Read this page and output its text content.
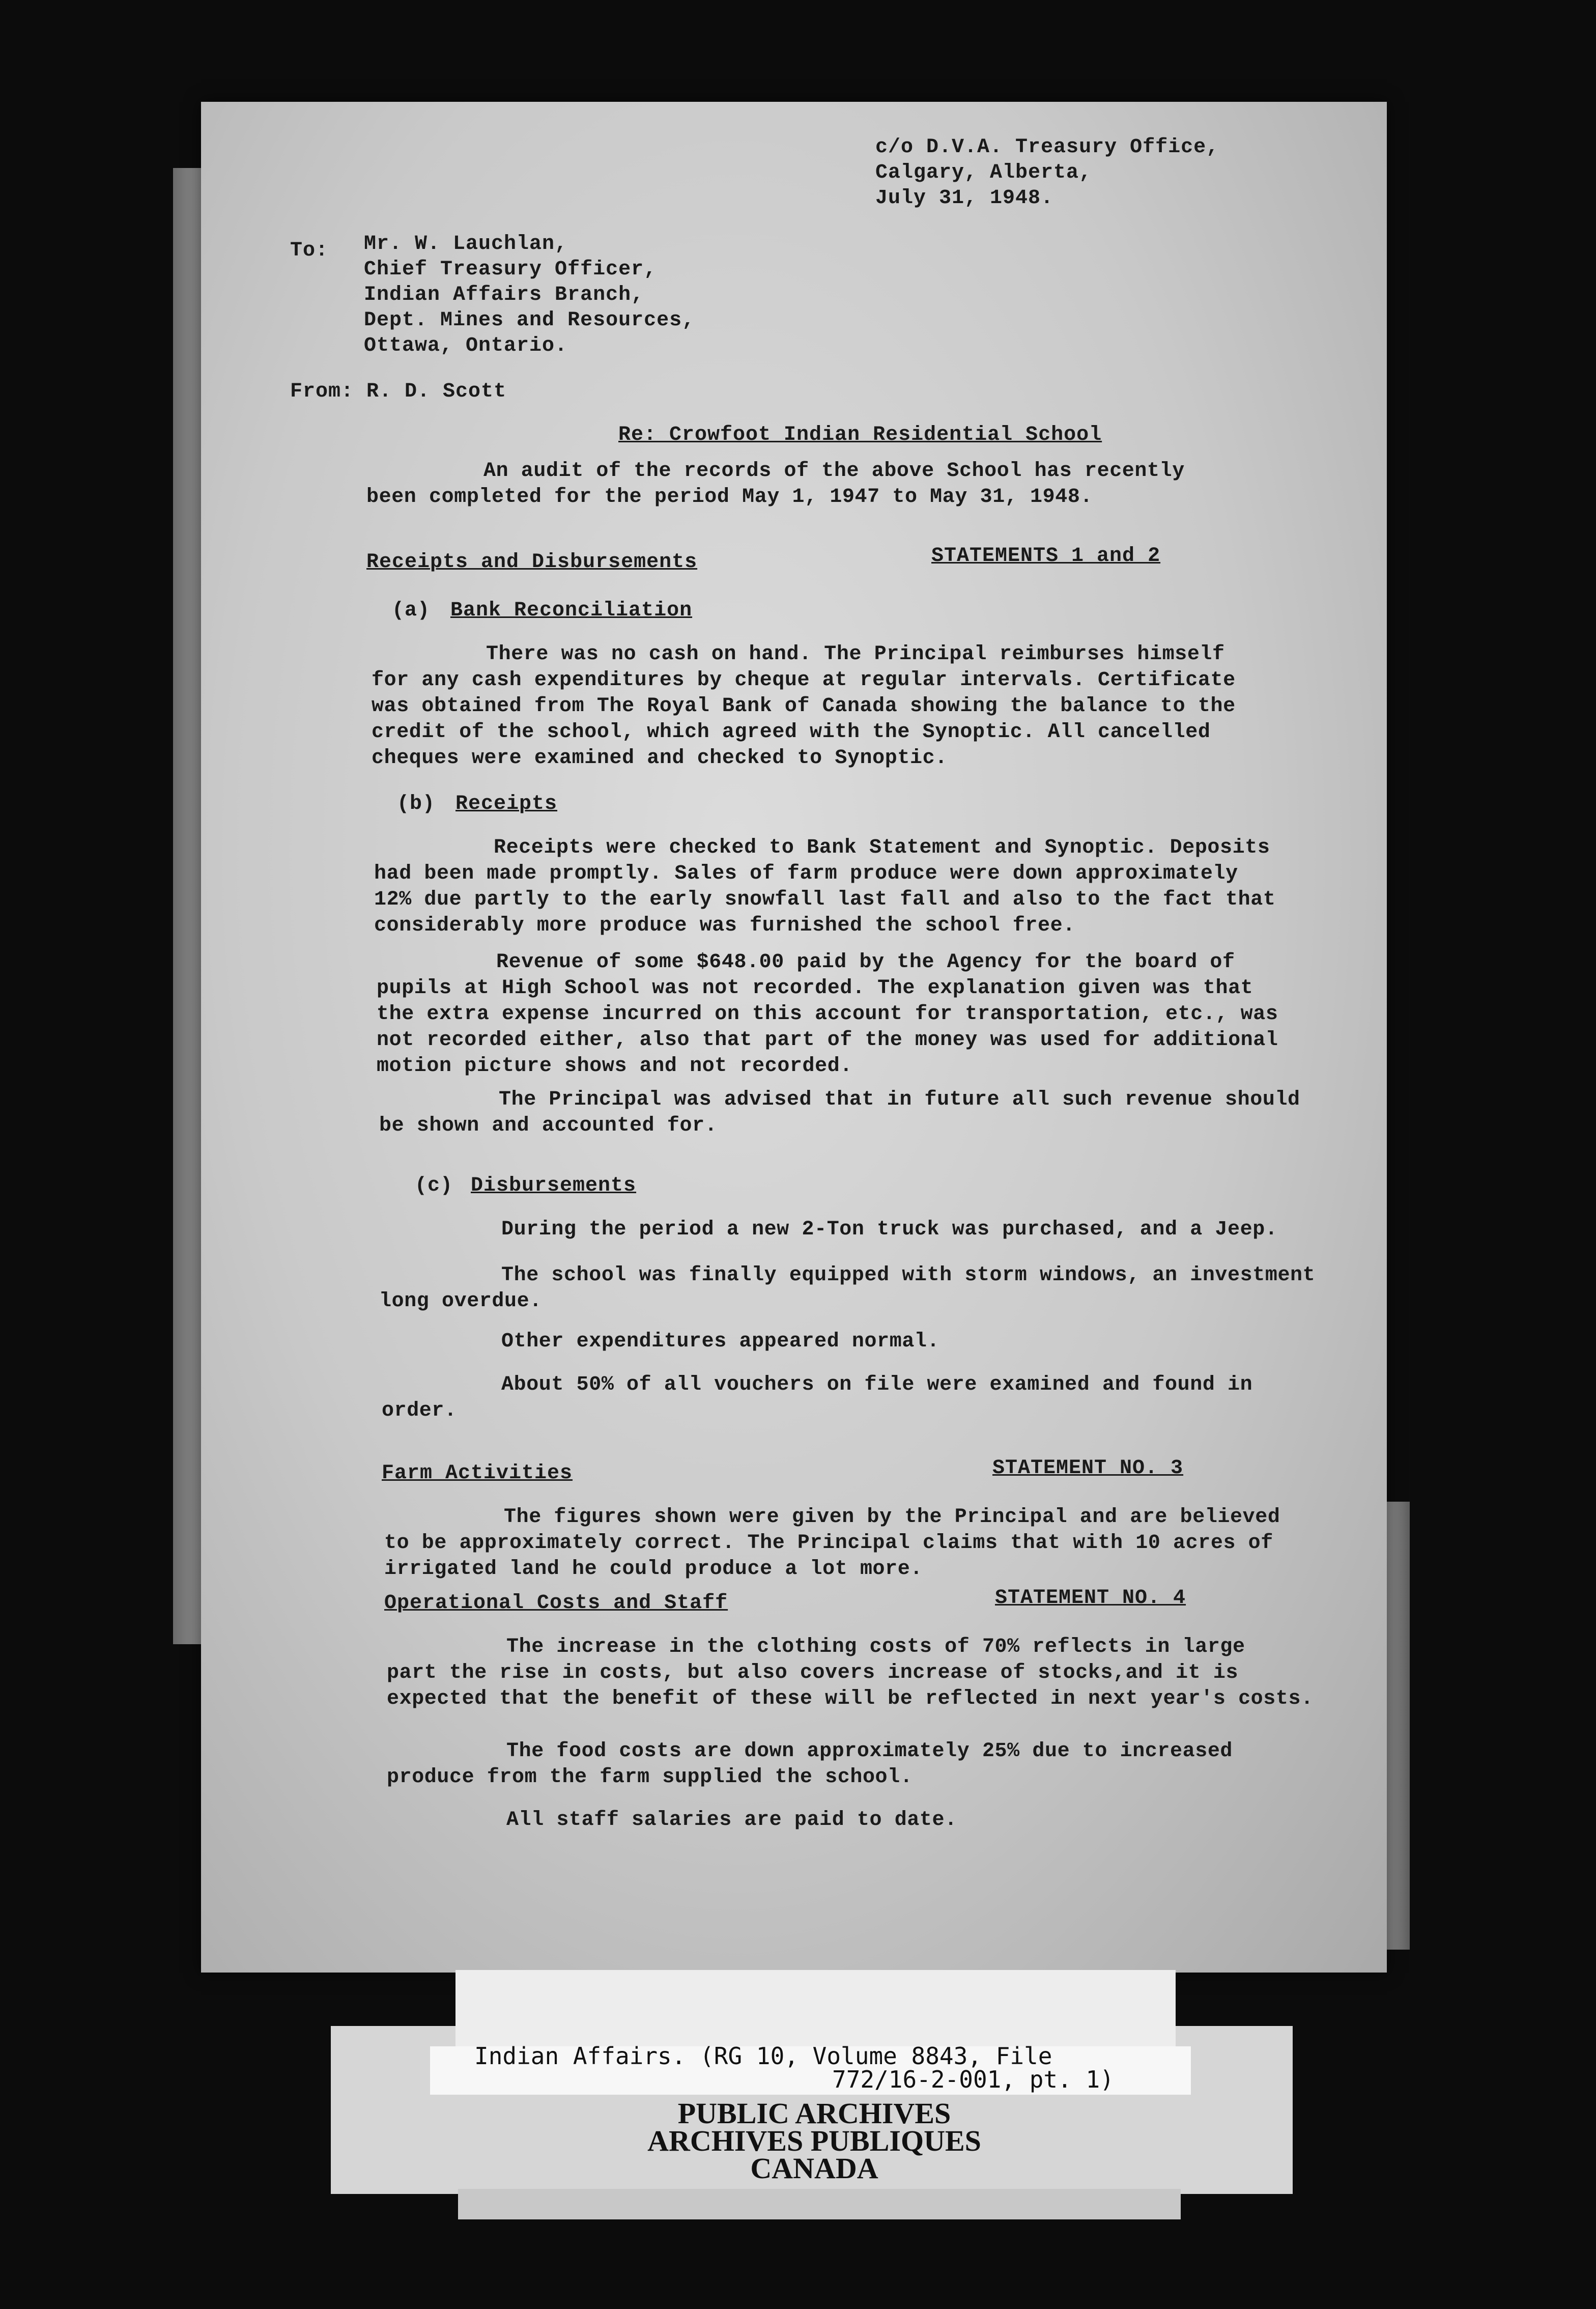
c/o D.V.A. Treasury Office,
Calgary, Alberta,
July 31, 1948.
To: Mr. W. Lauchlan,
Chief Treasury Officer,
Indian Affairs Branch,
Dept. Mines and Resources,
Ottawa, Ontario.
From: R. D. Scott
Re: Crowfoot Indian Residential School
An audit of the records of the above School has recently
been completed for the period May 1, 1947 to May 31, 1948.
Receipts and Disbursements	STATEMENTS 1 and 2
(a) Bank Reconciliation
There was no cash on hand. The Principal reimburses himself
for any cash expenditures by cheque at regular intervals. Certificate
was obtained from The Royal Bank of Canada showing the balance to the
credit of the school, which agreed with the Synoptic. All cancelled
cheques were examined and checked to Synoptic.
(b) Receipts
Receipts were checked to Bank Statement and Synoptic. Deposits
had been made promptly. Sales of farm produce were down approximately
12% due partly to the early snowfall last fall and also to the fact that
considerably more produce was furnished the school free.
Revenue of some $648.00 paid by the Agency for the board of
pupils at High School was not recorded. The explanation given was that
the extra expense incurred on this account for transportation, etc., was
not recorded either, also that part of the money was used for additional
motion picture shows and not recorded.
The Principal was advised that in future all such revenue should
be shown and accounted for.
(c) Disbursements
During the period a new 2-Ton truck was purchased, and a Jeep.
The school was finally equipped with storm windows, an investment
long overdue.
Other expenditures appeared normal.
About 50% of all vouchers on file were examined and found in
order.
Farm Activities	STATEMENT NO. 3
The figures shown were given by the Principal and are believed
to be approximately correct. The Principal claims that with 10 acres of
irrigated land he could produce a lot more.
Operational Costs and Staff	STATEMENT NO. 4
The increase in the clothing costs of 70% reflects in large
part the rise in costs, but also covers increase of stocks,and it is
expected that the benefit of these will be reflected in next year's costs.
The food costs are down approximately 25% due to increased
produce from the farm supplied the school.
All staff salaries are paid to date.
Indian Affairs. (RG 10, Volume 8843, File
772/16-2-001, pt. 1)
PUBLIC ARCHIVES
ARCHIVES PUBLIQUES
CANADA
